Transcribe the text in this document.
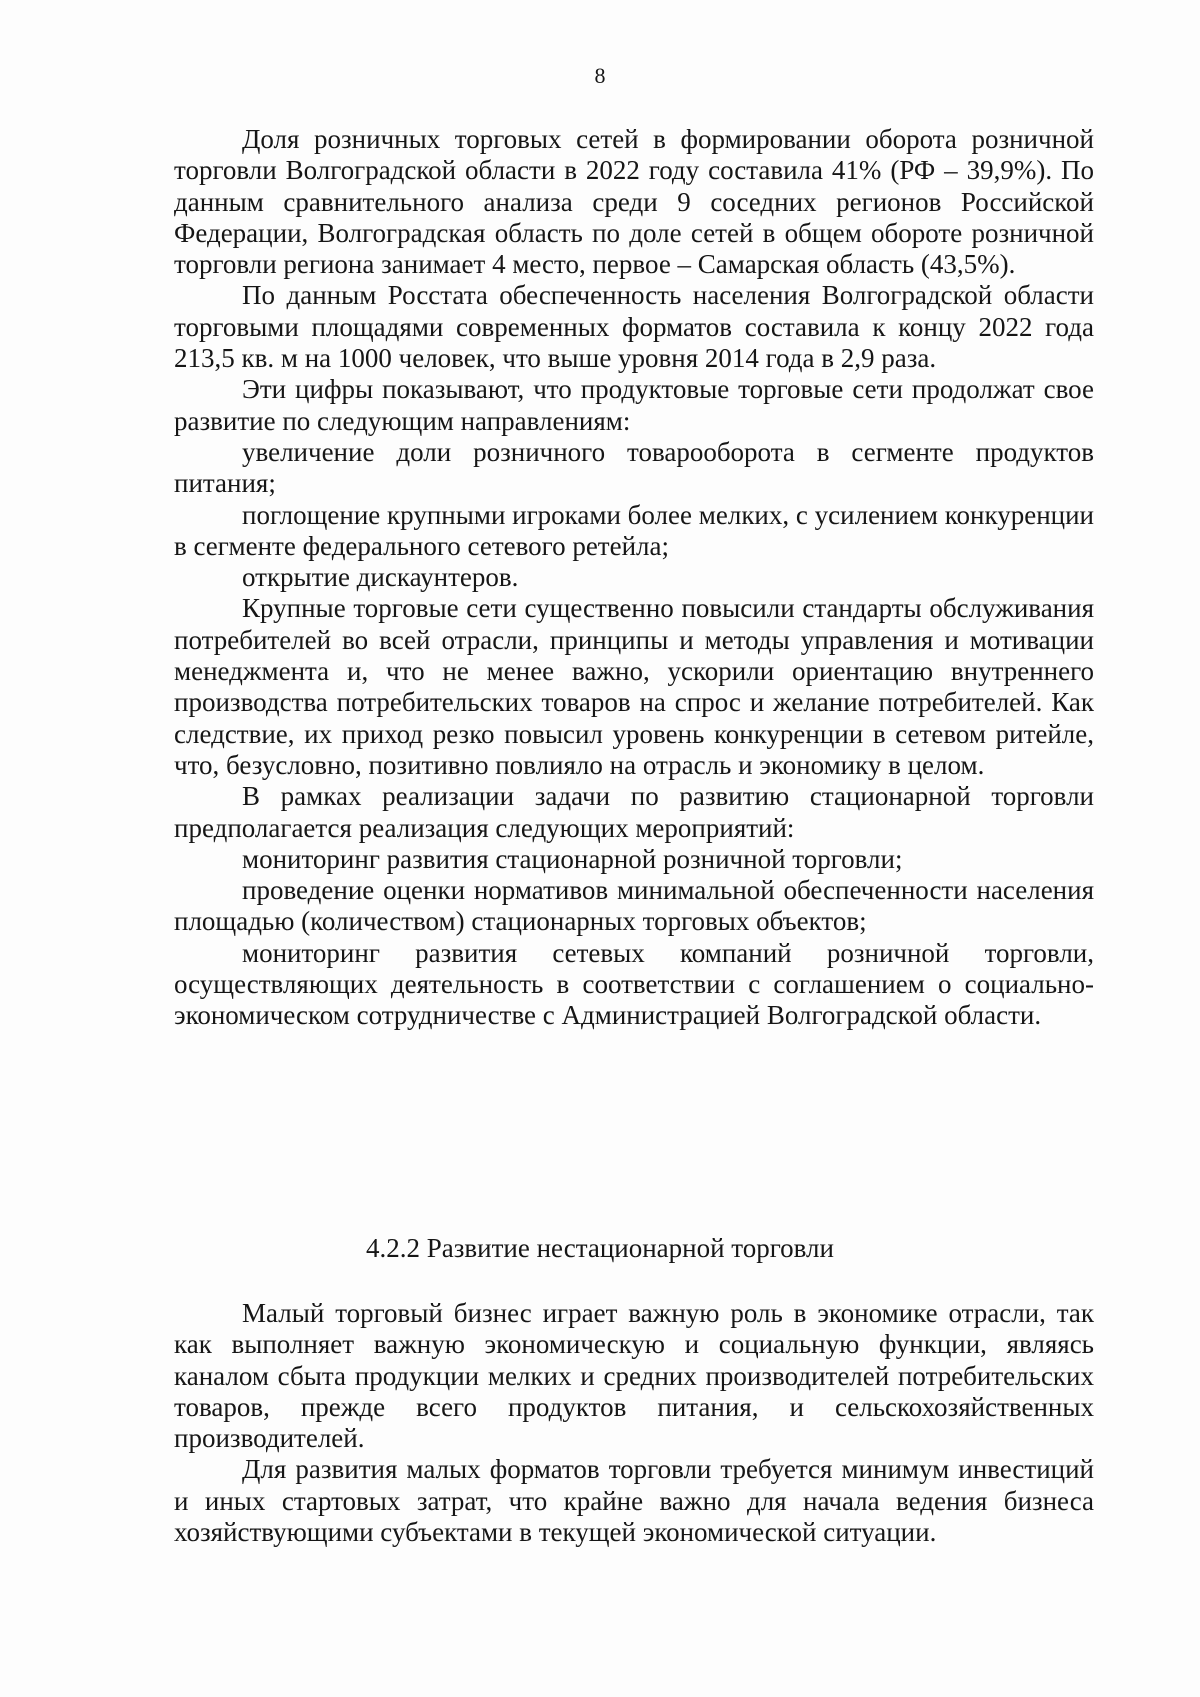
8

Доля розничных торговых сетей в формировании оборота розничной торговли Волгоградской области в 2022 году составила 41% (РФ – 39,9%). По данным сравнительного анализа среди 9 соседних регионов Российской Федерации, Волгоградская область по доле сетей в общем обороте розничной торговли региона занимает 4 место, первое – Самарская область (43,5%).

По данным Росстата обеспеченность населения Волгоградской области торговыми площадями современных форматов составила к концу 2022 года 213,5 кв. м на 1000 человек, что выше уровня 2014 года в 2,9 раза.

Эти цифры показывают, что продуктовые торговые сети продолжат свое развитие по следующим направлениям:

увеличение доли розничного товарооборота в сегменте продуктов питания;

поглощение крупными игроками более мелких, с усилением конкуренции в сегменте федерального сетевого ретейла;

открытие дискаунтеров.

Крупные торговые сети существенно повысили стандарты обслуживания потребителей во всей отрасли, принципы и методы управления и мотивации менеджмента и, что не менее важно, ускорили ориентацию внутреннего производства потребительских товаров на спрос и желание потребителей. Как следствие, их приход резко повысил уровень конкуренции в сетевом ритейле, что, безусловно, позитивно повлияло на отрасль и экономику в целом.

В рамках реализации задачи по развитию стационарной торговли предполагается реализация следующих мероприятий:

мониторинг развития стационарной розничной торговли;

проведение оценки нормативов минимальной обеспеченности населения площадью (количеством) стационарных торговых объектов;

мониторинг развития сетевых компаний розничной торговли, осуществляющих деятельность в соответствии с соглашением о социально-экономическом сотрудничестве с Администрацией Волгоградской области.

4.2.2 Развитие нестационарной торговли

Малый торговый бизнес играет важную роль в экономике отрасли, так как выполняет важную экономическую и социальную функции, являясь каналом сбыта продукции мелких и средних производителей потребительских товаров, прежде всего продуктов питания, и сельскохозяйственных производителей.

Для развития малых форматов торговли требуется минимум инвестиций и иных стартовых затрат, что крайне важно для начала ведения бизнеса хозяйствующими субъектами в текущей экономической ситуации.
